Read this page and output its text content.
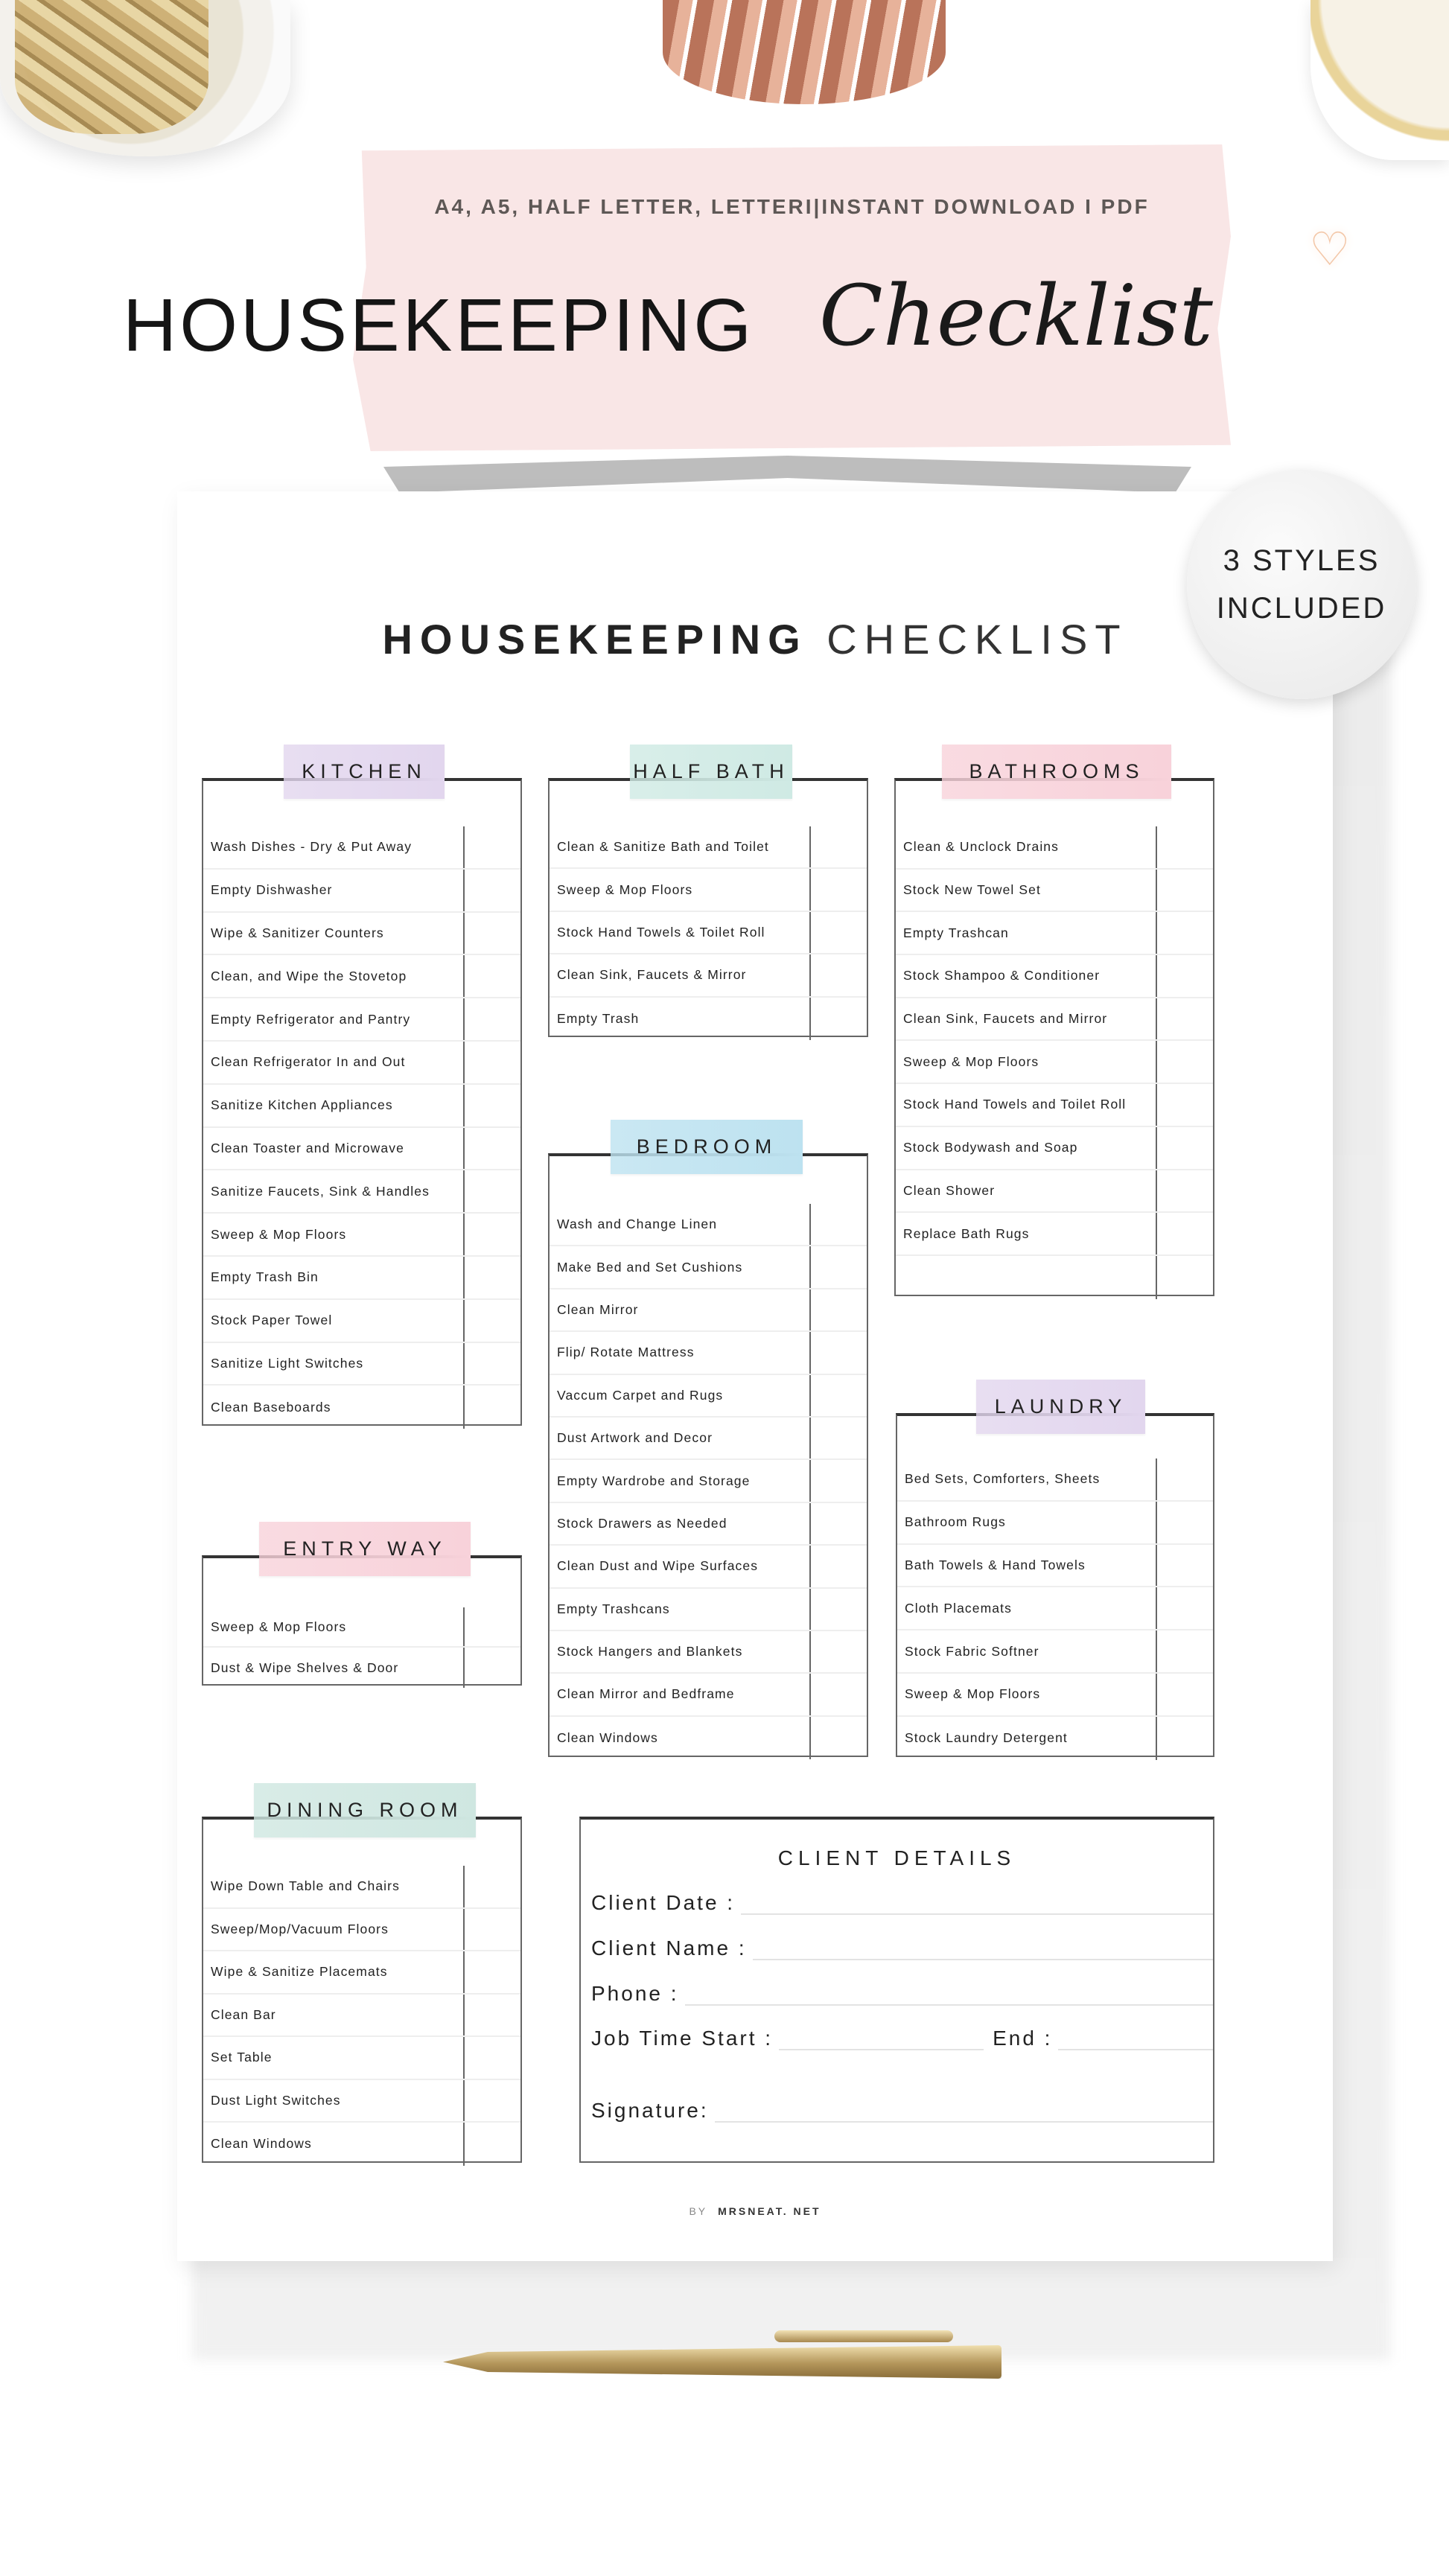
♡
A4, A5, HALF LETTER, LETTERI|INSTANT DOWNLOAD I PDF
HOUSEKEEPING Checklist
3 STYLES
INCLUDED
HOUSEKEEPING CHECKLIST
KITCHEN
Wash Dishes - Dry & Put Away
Empty Dishwasher
Wipe & Sanitizer Counters
Clean, and Wipe the Stovetop
Empty Refrigerator and Pantry
Clean Refrigerator In and Out
Sanitize Kitchen Appliances
Clean Toaster and Microwave
Sanitize Faucets, Sink & Handles
Sweep & Mop Floors
Empty Trash Bin
Stock Paper Towel
Sanitize Light Switches
Clean Baseboards
HALF BATH
Clean & Sanitize Bath and Toilet
Sweep & Mop Floors
Stock Hand Towels & Toilet Roll
Clean Sink, Faucets & Mirror
Empty Trash
BATHROOMS
Clean & Unclock Drains
Stock New Towel Set
Empty Trashcan
Stock Shampoo & Conditioner
Clean Sink, Faucets and Mirror
Sweep & Mop Floors
Stock Hand Towels and Toilet Roll
Stock Bodywash and Soap
Clean Shower
Replace Bath Rugs
BEDROOM
Wash and Change Linen
Make Bed and Set Cushions
Clean Mirror
Flip/ Rotate Mattress
Vaccum Carpet and Rugs
Dust Artwork and Decor
Empty Wardrobe and Storage
Stock Drawers as Needed
Clean Dust and Wipe Surfaces
Empty Trashcans
Stock Hangers and Blankets
Clean Mirror and Bedframe
Clean Windows
LAUNDRY
Bed Sets, Comforters, Sheets
Bathroom Rugs
Bath Towels & Hand Towels
Cloth Placemats
Stock Fabric Softner
Sweep & Mop Floors
Stock Laundry Detergent
ENTRY WAY
Sweep & Mop Floors
Dust & Wipe Shelves & Door
DINING ROOM
Wipe Down Table and Chairs
Sweep/Mop/Vacuum Floors
Wipe & Sanitize Placemats
Clean Bar
Set Table
Dust Light Switches
Clean Windows
CLIENT DETAILS
Client Date :
Client Name :
Phone :
Job Time Start :	End :
Signature:
BY MRSNEAT. NET
